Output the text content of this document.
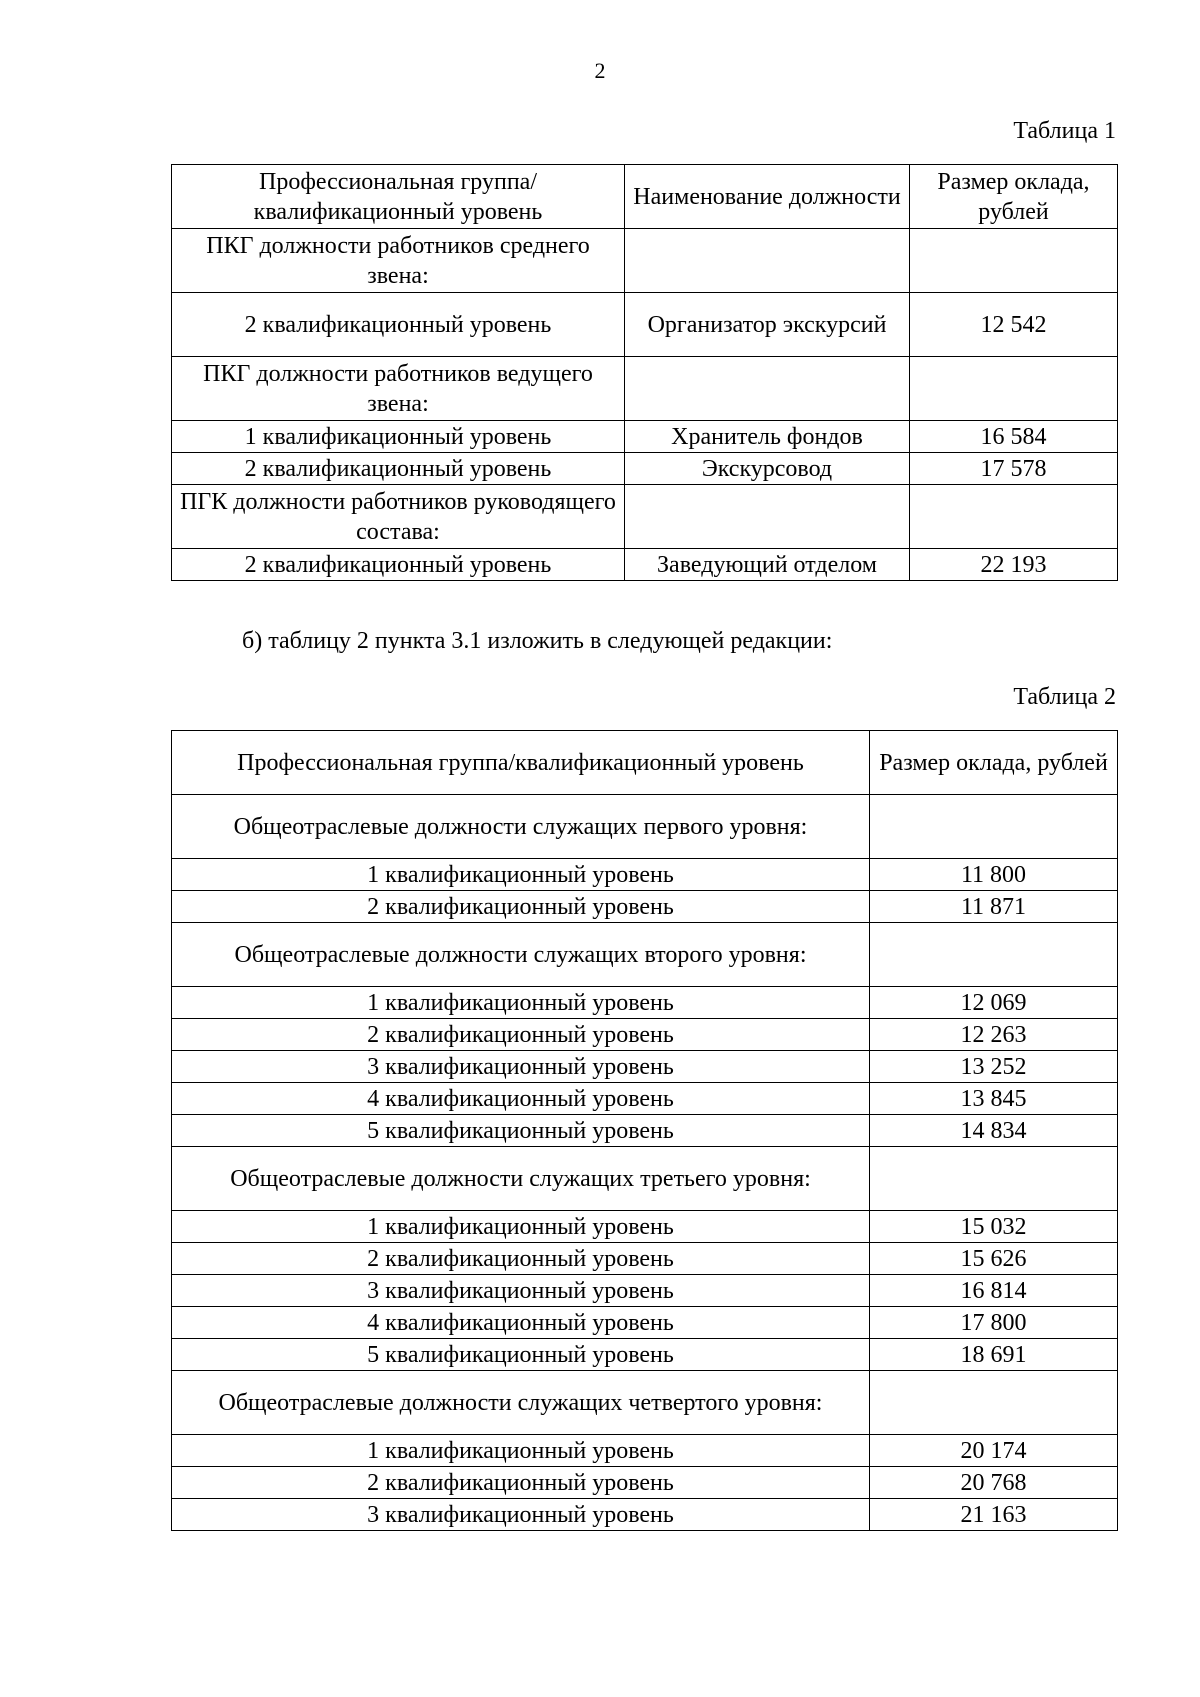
2
Таблица 1
Профессиональная группа/квалификационный уровень	Наименование должности	Размер оклада, рублей
ПКГ должности работников среднего звена:		
2 квалификационный уровень	Организатор экскурсий	12 542
ПКГ должности работников ведущего звена:		
1 квалификационный уровень	Хранитель фондов	16 584
2 квалификационный уровень	Экскурсовод	17 578
ПГК должности работников руководящего состава:		
2 квалификационный уровень	Заведующий отделом	22 193
б) таблицу 2 пункта 3.1 изложить в следующей редакции:
Таблица 2
Профессиональная группа/квалификационный уровень	Размер оклада, рублей
Общеотраслевые должности служащих первого уровня:	
1 квалификационный уровень	11 800
2 квалификационный уровень	11 871
Общеотраслевые должности служащих второго уровня:	
1 квалификационный уровень	12 069
2 квалификационный уровень	12 263
3 квалификационный уровень	13 252
4 квалификационный уровень	13 845
5 квалификационный уровень	14 834
Общеотраслевые должности служащих третьего уровня:	
1 квалификационный уровень	15 032
2 квалификационный уровень	15 626
3 квалификационный уровень	16 814
4 квалификационный уровень	17 800
5 квалификационный уровень	18 691
Общеотраслевые должности служащих четвертого уровня:	
1 квалификационный уровень	20 174
2 квалификационный уровень	20 768
3 квалификационный уровень	21 163
